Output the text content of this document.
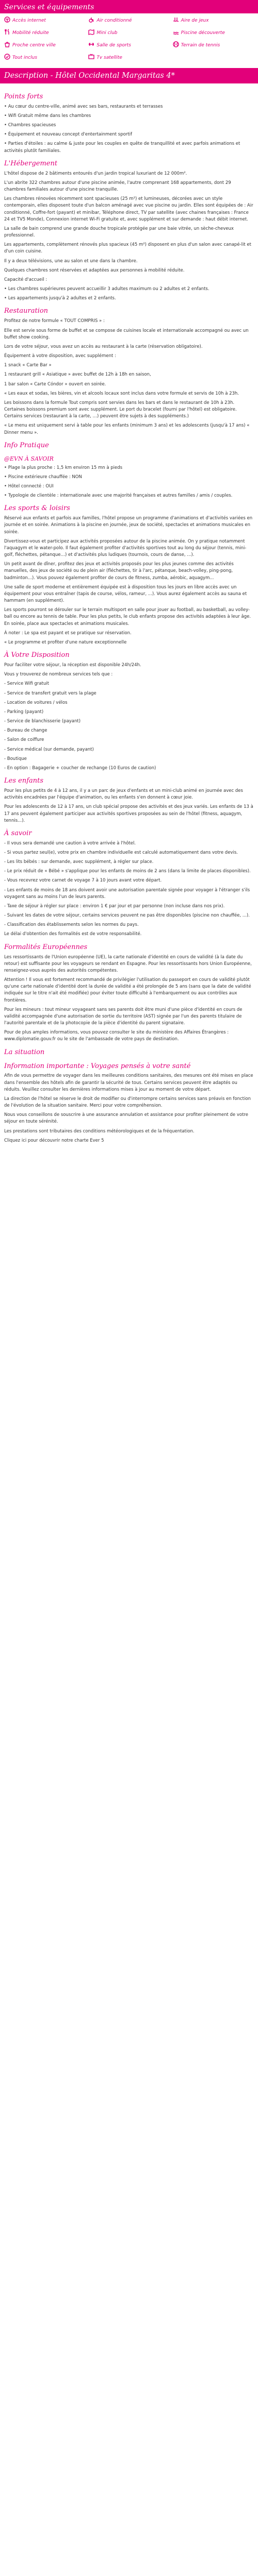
Services et équipements
Accès internet	Air conditionné	Aire de jeux
Mobilité réduite	Mini club	Piscine découverte
Proche centre ville	Salle de sports	Terrain de tennis
Tout inclus	Tv satellite
Description - Hôtel Occidental Margaritas 4*
Points forts

• Au cœur du centre-ville, animé avec ses bars, restaurants et terrasses

• Wifi Gratuit même dans les chambres

• Chambres spacieuses

• Équipement et nouveau concept d'entertainment sportif

• Parties d'étoiles : au calme & juste pour les couples en quête de tranquillité et avec parfois animations et activités plutôt familiales.

L'Hébergement

L'hôtel dispose de 2 bâtiments entourés d'un jardin tropical luxuriant de 12 000m².

L'un abrite 322 chambres autour d'une piscine animée, l'autre comprenant 168 appartements, dont 29 chambres familiales autour d'une piscine tranquille.

Les chambres rénovées récemment sont spacieuses (25 m²) et lumineuses, décorées avec un style contemporain, elles disposent toute d'un balcon aménagé avec vue piscine ou jardin. Elles sont équipées de : Air conditionné, Coffre-fort (payant) et minibar, Téléphone direct, TV par satellite (avec chaines françaises : France 24 et TV5 Monde), Connexion internet Wi-Fi gratuite et, avec supplément et sur demande : haut débit internet.

La salle de bain comprend une grande douche tropicale protégée par une baie vitrée, un sèche-cheveux professionnel.

Les appartements, complètement rénovés plus spacieux (45 m²) disposent en plus d'un salon avec canapé-lit et d'un coin cuisine.

Il y a deux télévisions, une au salon et une dans la chambre.

Quelques chambres sont réservées et adaptées aux personnes à mobilité réduite.

Capacité d'accueil :

• Les chambres supérieures peuvent accueillir 3 adultes maximum ou 2 adultes et 2 enfants.

• Les appartements jusqu'à 2 adultes et 2 enfants.

Restauration

Profitez de notre formule « TOUT COMPRIS » :

Elle est servie sous forme de buffet et se compose de cuisines locale et internationale accompagné ou avec un buffet show cooking.

Lors de votre séjour, vous avez un accès au restaurant à la carte (réservation obligatoire).

Équipement à votre disposition, avec supplément :

1 snack « Carte Bar »

1 restaurant grill « Asiatique » avec buffet de 12h à 18h en saison,

1 bar salon « Carte Cóndor » ouvert en soirée.

« Les eaux et sodas, les bières, vin et alcools locaux sont inclus dans votre formule et servis de 10h à 23h.

Les boissons dans la formule Tout compris sont servies dans les bars et dans le restaurant de 10h à 23h. Certaines boissons premium sont avec supplément. Le port du bracelet (fourni par l'hôtel) est obligatoire. Certains services (restaurant à la carte, …) peuvent être sujets à des suppléments.)

« Le menu est uniquement servi à table pour les enfants (minimum 3 ans) et les adolescents (jusqu'à 17 ans) « Dinner menu ».

Info Pratique
@EVN À SAVOIR

• Plage la plus proche : 1,5 km environ 15 mn à pieds

• Piscine extérieure chauffée : NON

• Hôtel connecté : OUI

• Typologie de clientèle : internationale avec une majorité françaises et autres familles / amis / couples.

Les sports & loisirs

Réservé aux enfants et parfois aux familles, l'hôtel propose un programme d'animations et d'activités variées en journée et en soirée. Animations à la piscine en journée, jeux de société, spectacles et animations musicales en soirée.

Divertissez-vous et participez aux activités proposées autour de la piscine animée. On y pratique notamment l'aquagym et le water-polo. Il faut également profiter d'activités sportives tout au long du séjour (tennis, mini-golf, fléchettes, pétanque…) et d'activités plus ludiques (tournois, cours de danse, ...).

Un petit avant de dîner, profitez des jeux et activités proposés pour les plus jeunes comme des activités manuelles, des jeux de société ou de plein air (fléchettes, tir à l'arc, pétanque, beach-volley, ping-pong, badminton...). Vous pouvez également profiter de cours de fitness, zumba, aérobic, aquagym...

Une salle de sport moderne et entièrement équipée est à disposition tous les jours en libre accès avec un équipement pour vous entraîner (tapis de course, vélos, rameur, ...). Vous aurez également accès au sauna et hammam (en supplément).

Les sports pourront se dérouler sur le terrain multisport en salle pour jouer au football, au basketball, au volley-ball ou encore au tennis de table. Pour les plus petits, le club enfants propose des activités adaptées à leur âge. En soirée, place aux spectacles et animations musicales.

À noter : Le spa est payant et se pratique sur réservation.

« Le programme et profiter d'une nature exceptionnelle

À Votre Disposition

Pour faciliter votre séjour, la réception est disponible 24h/24h.

Vous y trouverez de nombreux services tels que :

- Service Wifi gratuit

- Service de transfert gratuit vers la plage

- Location de voitures / vélos

- Parking (payant)

- Service de blanchisserie (payant)

- Bureau de change

- Salon de coiffure

- Service médical (sur demande, payant)

- Boutique

- En option : Bagagerie + coucher de rechange (10 Euros de caution)

Les enfants

Pour les plus petits de 4 à 12 ans, il y a un parc de jeux d'enfants et un mini-club animé en journée avec des activités encadrées par l'équipe d'animation, ou les enfants s'en donnent à cœur joie.

Pour les adolescents de 12 à 17 ans, un club spécial propose des activités et des jeux variés. Les enfants de 13 à 17 ans peuvent également participer aux activités sportives proposées au sein de l'hôtel (fitness, aquagym, tennis...).

À savoir

- Il vous sera demandé une caution à votre arrivée à l'hôtel.

- Si vous partez seul(e), votre prix en chambre individuelle est calculé automatiquement dans votre devis.

- Les lits bébés : sur demande, avec supplément, à régler sur place.

- Le prix réduit de « Bébé » s'applique pour les enfants de moins de 2 ans (dans la limite de places disponibles).

- Vous recevrez votre carnet de voyage 7 à 10 jours avant votre départ.

- Les enfants de moins de 18 ans doivent avoir une autorisation parentale signée pour voyager à l'étranger s'ils voyagent sans au moins l'un de leurs parents.

- Taxe de séjour à régler sur place : environ 1 € par jour et par personne (non incluse dans nos prix).

- Suivant les dates de votre séjour, certains services peuvent ne pas être disponibles (piscine non chauffée, ...).

- Classification des établissements selon les normes du pays.

Le délai d'obtention des formalités est de votre responsabilité.

Formalités Européennes

Les ressortissants de l'Union européenne (UE), la carte nationale d'identité en cours de validité (à la date du retour) est suffisante pour les voyageurs se rendant en Espagne. Pour les ressortissants hors Union Européenne, renseignez-vous auprès des autorités compétentes.

Attention ! Il vous est fortement recommandé de privilégier l'utilisation du passeport en cours de validité plutôt qu'une carte nationale d'identité dont la durée de validité a été prolongée de 5 ans (sans que la date de validité indiquée sur le titre n'ait été modifiée) pour éviter toute difficulté à l'embarquement ou aux contrôles aux frontières.

Pour les mineurs : tout mineur voyageant sans ses parents doit être muni d'une pièce d'identité en cours de validité accompagnée d'une autorisation de sortie du territoire (AST) signée par l'un des parents titulaire de l'autorité parentale et de la photocopie de la pièce d'identité du parent signataire.

Pour de plus amples informations, vous pouvez consulter le site du ministère des Affaires Étrangères : www.diplomatie.gouv.fr ou le site de l'ambassade de votre pays de destination.

La situation
Information importante : Voyages pensés à votre santé

Afin de vous permettre de voyager dans les meilleures conditions sanitaires, des mesures ont été mises en place dans l'ensemble des hôtels afin de garantir la sécurité de tous. Certains services peuvent être adaptés ou réduits. Veuillez consulter les dernières informations mises à jour au moment de votre départ.

La direction de l'hôtel se réserve le droit de modifier ou d'interrompre certains services sans préavis en fonction de l'évolution de la situation sanitaire. Merci pour votre compréhension.

Nous vous conseillons de souscrire à une assurance annulation et assistance pour profiter pleinement de votre séjour en toute sérénité.

Les prestations sont tributaires des conditions météorologiques et de la fréquentation.

Cliquez ici pour découvrir notre charte Ever 5
